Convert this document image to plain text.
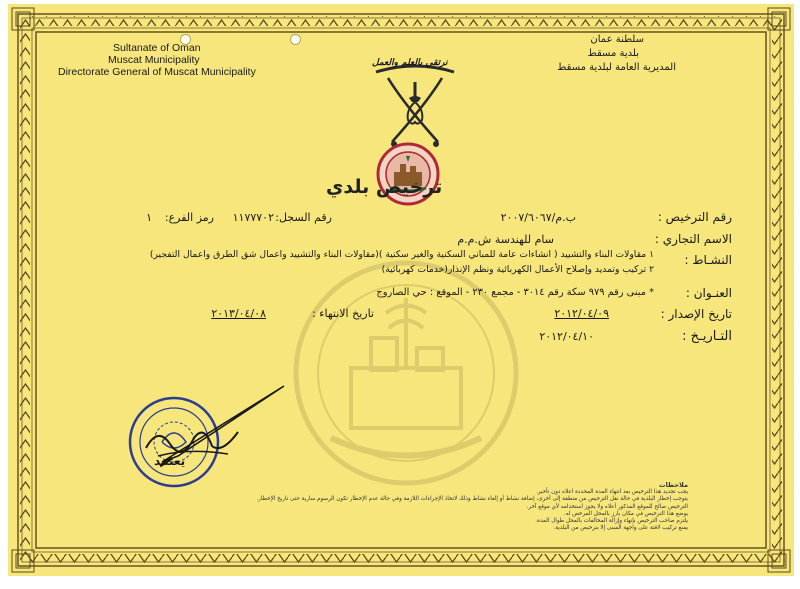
Sultanate of Oman
Muscat Municipality
Directorate General of Muscat Municipality
سلطنة عمان
بلدية مسقط
المديرية العامة لبلدية مسقط
نرتقي بالعلم والعمل
ترخيص بلدي
رقم الترخيص :
ب.م/٢٠٠٧/٦٠٦٧
رقم السجل:
١١٧٧٧٠٢
رمز الفرع:
١
الاسم التجاري :
سام للهندسة ش.م.م
النشـاط :
١ مقاولات البناء والتشييد ( انشاءات عامة للمباني السكنية والغير سكنية )(مقاولات البناء والتشييد واعمال شق الطرق واعمال التفجير)
٢ تركيب وتمديد وإصلاح الأعمال الكهربائية ونظم الإنذار(خدمات كهربائية)
العنـوان :
* مبنى رقم ٩٧٩ سكة رقم ٣٠١٤ - مجمع ٢٣٠ - الموقع : حي الصاروج
تاريخ الإصدار :
٢٠١٢/٠٤/٠٩
تاريخ الانتهاء :
٢٠١٣/٠٤/٠٨
التـاريـخ :
٢٠١٢/٠٤/١٠
يعتمد
ملاحظات
يجب تجديد هذا الترخيص بعد انتهاء المدة المحددة اعلاه دون تأخير.
يتوجب إخطار البلدية في حالة نقل الترخيص من منطقة إلى أخرى، إضافة نشاط أو إلغاء نشاط وذلك لاتخاذ الإجراءات اللازمة وفي حالة عدم الإخطار تكون الرسوم سارية حتى تاريخ الإخطار.
الترخيص صالح للموقع المذكور أعلاه ولا يجوز استخدامه لأي موقع آخر.
يوضع هذا الترخيص في مكان بارز بالمحل المرخص له.
يلتزم صاحب الترخيص بإنهاء وإزالة المخالفات بالمحل طوال المدة.
يمنع تركيب لافتة على واجهة المبنى إلا بترخيص من البلدية.
